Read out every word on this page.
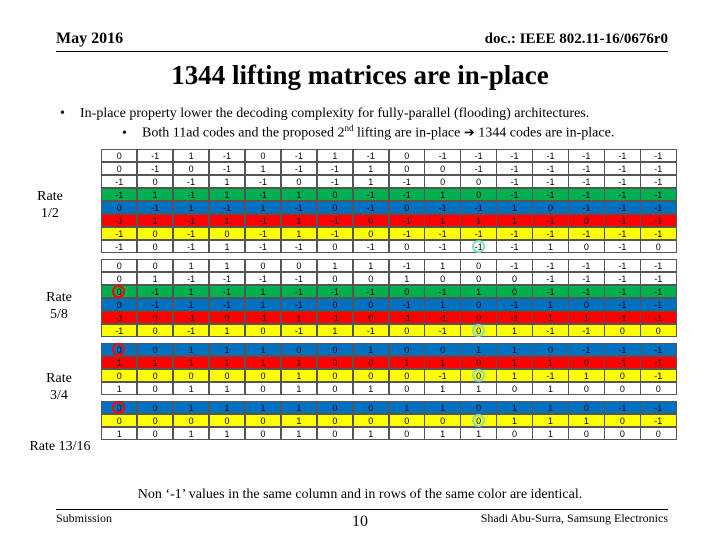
May 2016	doc.: IEEE 802.11-16/0676r0
1344 lifting matrices are in-place
• In-place property lower the decoding complexity for fully-parallel (flooding) architectures.
• Both 11ad codes and the proposed 2nd lifting are in-place ➔ 1344 codes are in-place.
Rate
1/2
Rate
5/8
Rate
3/4
Rate 13/16
0	-1	1	-1	0	-1	1	-1	0	-1	-1	-1	-1	-1	-1	-1
0	-1	0	-1	1	-1	-1	1	0	0	-1	-1	-1	-1	-1	-1
-1	0	-1	1	-1	0	-1	1	-1	0	0	-1	-1	-1	-1	-1
-1	1	-1	1	-1	1	0	-1	-1	1	0	-1	-1	-1	-1	-1
0	-1	1	-1	1	-1	0	-1	0	-1	-1	1	0	-1	-1	-1
-1	1	-1	1	-1	1	-1	0	-1	1	1	1	-1	0	-1	-1
-1	0	-1	0	-1	1	-1	0	-1	-1	-1	-1	-1	-1	-1	-1
-1	0	-1	1	-1	-1	0	-1	0	-1	-1	-1	1	0	-1	0
0	0	1	1	0	0	1	1	-1	1	0	-1	-1	-1	-1	-1
0	1	-1	-1	-1	-1	0	0	1	0	0	0	-1	-1	-1	-1
0	-1	1	-1	1	-1	-1	-1	0	-1	1	0	-1	-1	-1	-1
0	-1	1	-1	1	-1	0	0	-1	1	0	-1	1	0	-1	-1
-1	0	-1	0	-1	1	-1	0	-1	-1	0	-1	1	1	-1	-1
-1	0	-1	1	0	-1	1	-1	0	-1	0	1	-1	-1	0	0
0	0	1	1	1	0	0	1	0	0	1	1	0	-1	-1	-1
1	1	1	1	1	1	0	0	1	1	0	1	1	0	-1	-1
0	0	0	0	0	1	0	0	0	-1	0	1	-1	1	0	-1
1	0	1	1	0	1	0	1	0	1	1	0	1	0	0	0
0	0	1	1	1	1	0	0	1	1	0	1	1	0	-1	-1
0	0	0	0	0	1	0	0	0	0	0	1	1	1	0	-1
1	0	1	1	0	1	0	1	0	1	1	0	1	0	0	0
Non ‘-1’ values in the same column and in rows of the same color are identical.
Submission	10	Shadi Abu-Surra, Samsung Electronics
